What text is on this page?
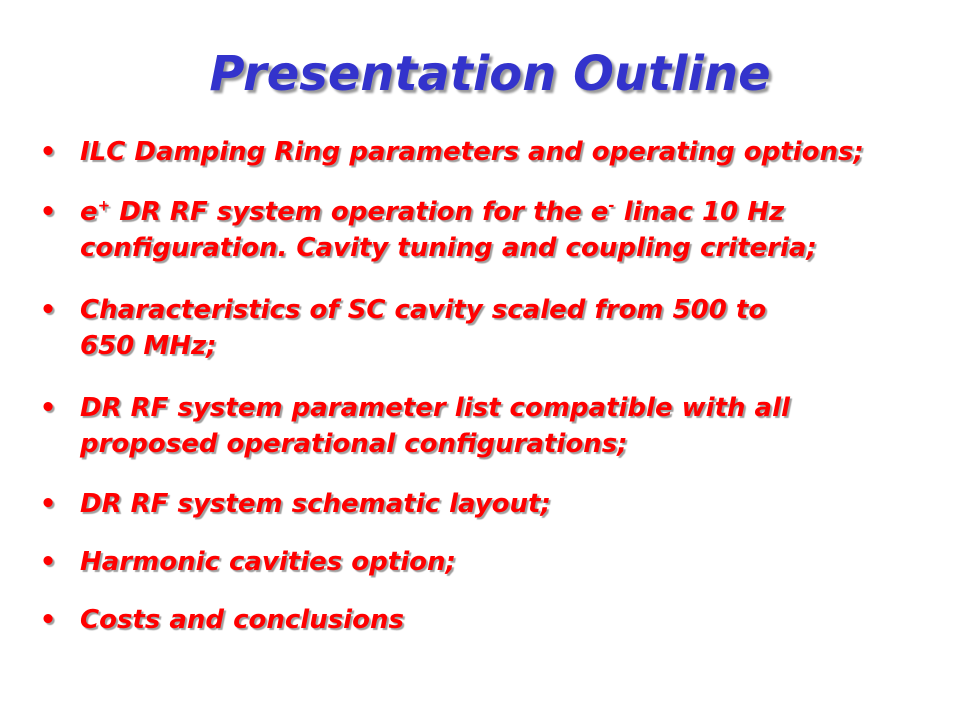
Presentation Outline
• ILC Damping Ring parameters and operating options;
• e+ DR RF system operation for the e- linac 10 Hz
configuration. Cavity tuning and coupling criteria;
• Characteristics of SC cavity scaled from 500 to
650 MHz;
• DR RF system parameter list compatible with all
proposed operational configurations;
• DR RF system schematic layout;
• Harmonic cavities option;
• Costs and conclusions
